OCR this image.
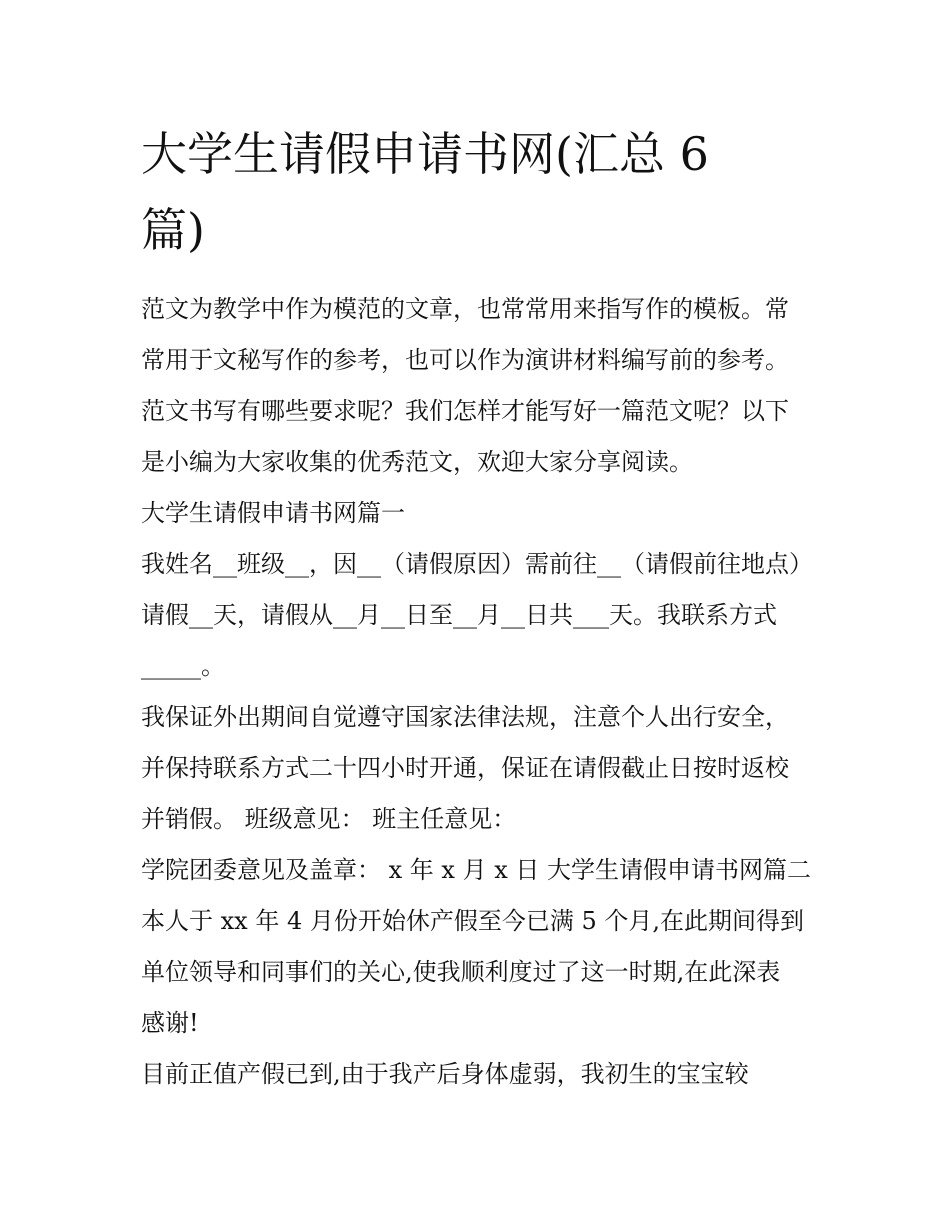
大学生请假申请书网(汇总 6
篇)

范文为教学中作为模范的文章，也常常用来指写作的模板。常

常用于文秘写作的参考，也可以作为演讲材料编写前的参考。

范文书写有哪些要求呢？我们怎样才能写好一篇范文呢？以下

是小编为大家收集的优秀范文，欢迎大家分享阅读。

大学生请假申请书网篇一

我姓名__班级__，因__（请假原因）需前往__（请假前往地点）

请假__天，请假从__月__日至__月__日共___天。我联系方式

_____。

我保证外出期间自觉遵守国家法律法规，注意个人出行安全，

并保持联系方式二十四小时开通，保证在请假截止日按时返校

并销假。 班级意见： 班主任意见：

学院团委意见及盖章： x 年 x 月 x 日 大学生请假申请书网篇二

本人于 xx 年 4 月份开始休产假至今已满 5 个月,在此期间得到

单位领导和同事们的关心,使我顺利度过了这一时期,在此深表

感谢!

目前正值产假已到,由于我产后身体虚弱，我初生的宝宝较
